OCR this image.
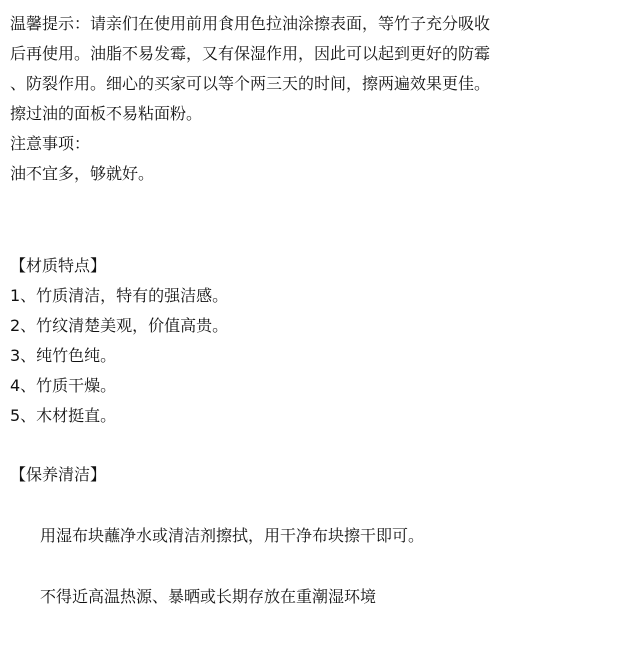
温馨提示：请亲们在使用前用食用色拉油涂擦表面，等竹子充分吸收
后再使用。油脂不易发霉，又有保湿作用，因此可以起到更好的防霉
、防裂作用。细心的买家可以等个两三天的时间，擦两遍效果更佳。
擦过油的面板不易粘面粉。
注意事项：
油不宜多，够就好。
【材质特点】
1、竹质清洁，特有的强洁感。
2、竹纹清楚美观，价值高贵。
3、纯竹色纯。
4、竹质干燥。
5、木材挺直。
【保养清洁】
用湿布块蘸净水或清洁剂擦拭，用干净布块擦干即可。
不得近高温热源、暴晒或长期存放在重潮湿环境
